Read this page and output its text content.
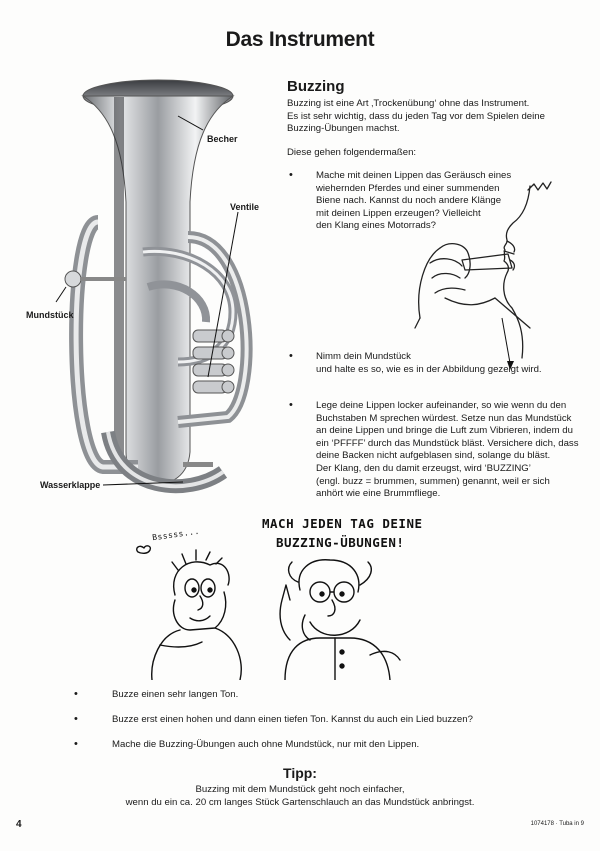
Das Instrument
Becher
Ventile
Mundstück
Wasserklappe
Buzzing
Buzzing ist eine Art ‚Trockenübung‘ ohne das Instrument.
Es ist sehr wichtig, dass du jeden Tag vor dem Spielen deine
Buzzing-Übungen machst.
Diese gehen folgendermaßen:
• Mache mit deinen Lippen das Geräusch eines
wiehernden Pferdes und einer summenden
Biene nach. Kannst du noch andere Klänge
mit deinen Lippen erzeugen? Vielleicht
den Klang eines Motorrads?
• Nimm dein Mundstück
und halte es so, wie es in der Abbildung gezeigt wird.
• Lege deine Lippen locker aufeinander, so wie wenn du den
Buchstaben M sprechen würdest. Setze nun das Mundstück
an deine Lippen und bringe die Luft zum Vibrieren, indem du
ein ‘PFFFF’ durch das Mundstück bläst. Versichere dich, dass
deine Backen nicht aufgeblasen sind, solange du bläst.
Der Klang, den du damit erzeugst, wird ‘BUZZING’
(engl. buzz = brummen, summen) genannt, weil er sich
anhört wie eine Brummfliege.
MACH JEDEN TAG DEINE
BUZZING-ÜBUNGEN!
Bsssss...
•	Buzze einen sehr langen Ton.
•	Buzze erst einen hohen und dann einen tiefen Ton. Kannst du auch ein Lied buzzen?
•	Mache die Buzzing-Übungen auch ohne Mundstück, nur mit den Lippen.
Tipp:
Buzzing mit dem Mundstück geht noch einfacher,
wenn du ein ca. 20 cm langes Stück Gartenschlauch an das Mundstück anbringst.
4	1074178 · Tuba in 9
